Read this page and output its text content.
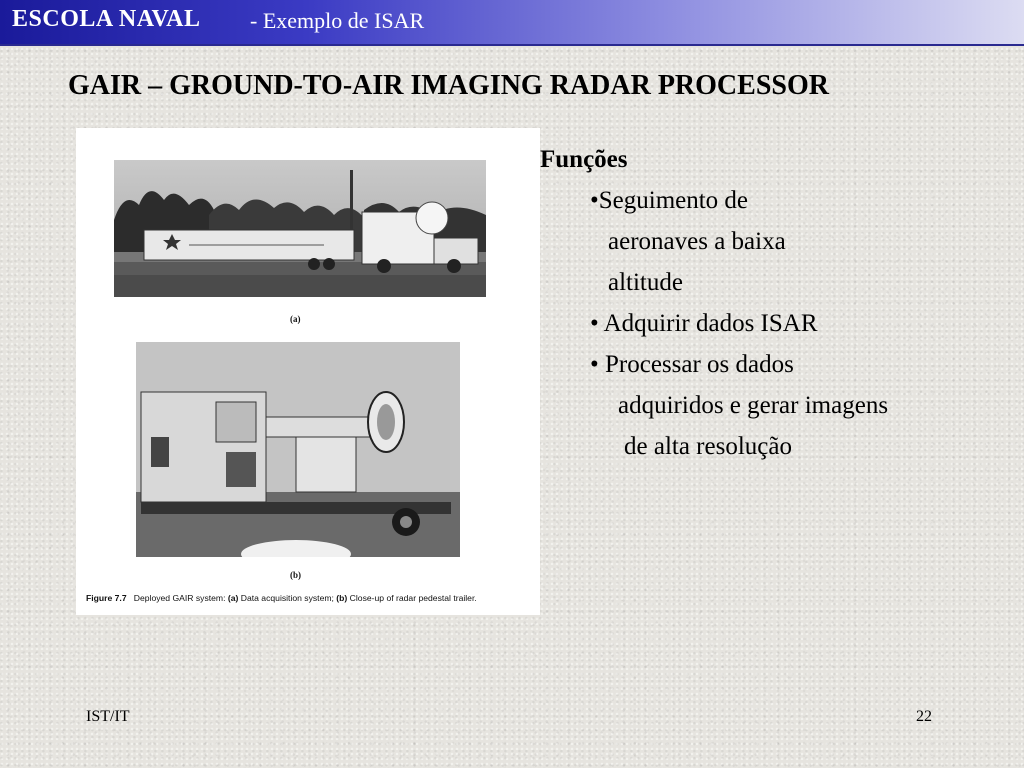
ESCOLA NAVAL - Exemplo de ISAR
GAIR – GROUND-TO-AIR IMAGING RADAR PROCESSOR
(a)
(b)
Figure 7.7 Deployed GAIR system: (a) Data acquisition system; (b) Close-up of radar pedestal trailer.
Funções
•Seguimento de
aeronaves a baixa
altitude
• Adquirir dados ISAR
• Processar os dados
adquiridos e gerar imagens
de alta resolução
IST/IT	22
